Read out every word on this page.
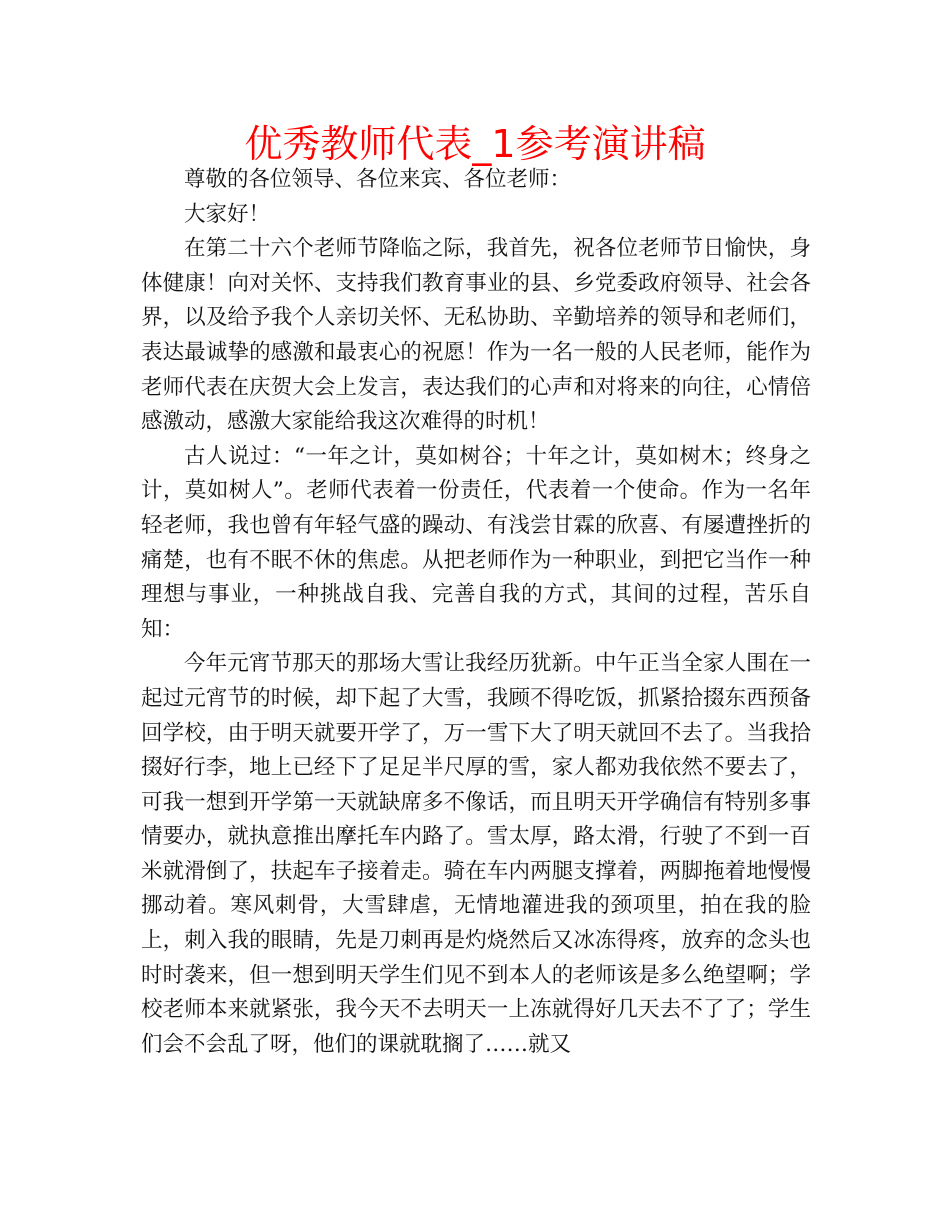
优秀教师代表_1参考演讲稿

尊敬的各位领导、各位来宾、各位老师：

大家好！

在第二十六个老师节降临之际，我首先，祝各位老师节日愉快，身体健康！向对关怀、支持我们教育事业的县、乡党委政府领导、社会各界，以及给予我个人亲切关怀、无私协助、辛勤培养的领导和老师们，表达最诚挚的感激和最衷心的祝愿！作为一名一般的人民老师，能作为老师代表在庆贺大会上发言，表达我们的心声和对将来的向往，心情倍感激动，感激大家能给我这次难得的时机！

古人说过：“一年之计，莫如树谷；十年之计，莫如树木；终身之计，莫如树人”。老师代表着一份责任，代表着一个使命。作为一名年轻老师，我也曾有年轻气盛的躁动、有浅尝甘霖的欣喜、有屡遭挫折的痛楚，也有不眠不休的焦虑。从把老师作为一种职业，到把它当作一种理想与事业，一种挑战自我、完善自我的方式，其间的过程，苦乐自知：

今年元宵节那天的那场大雪让我经历犹新。中午正当全家人围在一起过元宵节的时候，却下起了大雪，我顾不得吃饭，抓紧拾掇东西预备回学校，由于明天就要开学了，万一雪下大了明天就回不去了。当我拾掇好行李，地上已经下了足足半尺厚的雪，家人都劝我依然不要去了，可我一想到开学第一天就缺席多不像话，而且明天开学确信有特别多事情要办，就执意推出摩托车内路了。雪太厚，路太滑，行驶了不到一百米就滑倒了，扶起车子接着走。骑在车内两腿支撑着，两脚拖着地慢慢挪动着。寒风刺骨，大雪肆虐，无情地灌进我的颈项里，拍在我的脸上，刺入我的眼睛，先是刀刺再是灼烧然后又冰冻得疼，放弃的念头也时时袭来，但一想到明天学生们见不到本人的老师该是多么绝望啊；学校老师本来就紧张，我今天不去明天一上冻就得好几天去不了了；学生们会不会乱了呀，他们的课就耽搁了……就又
